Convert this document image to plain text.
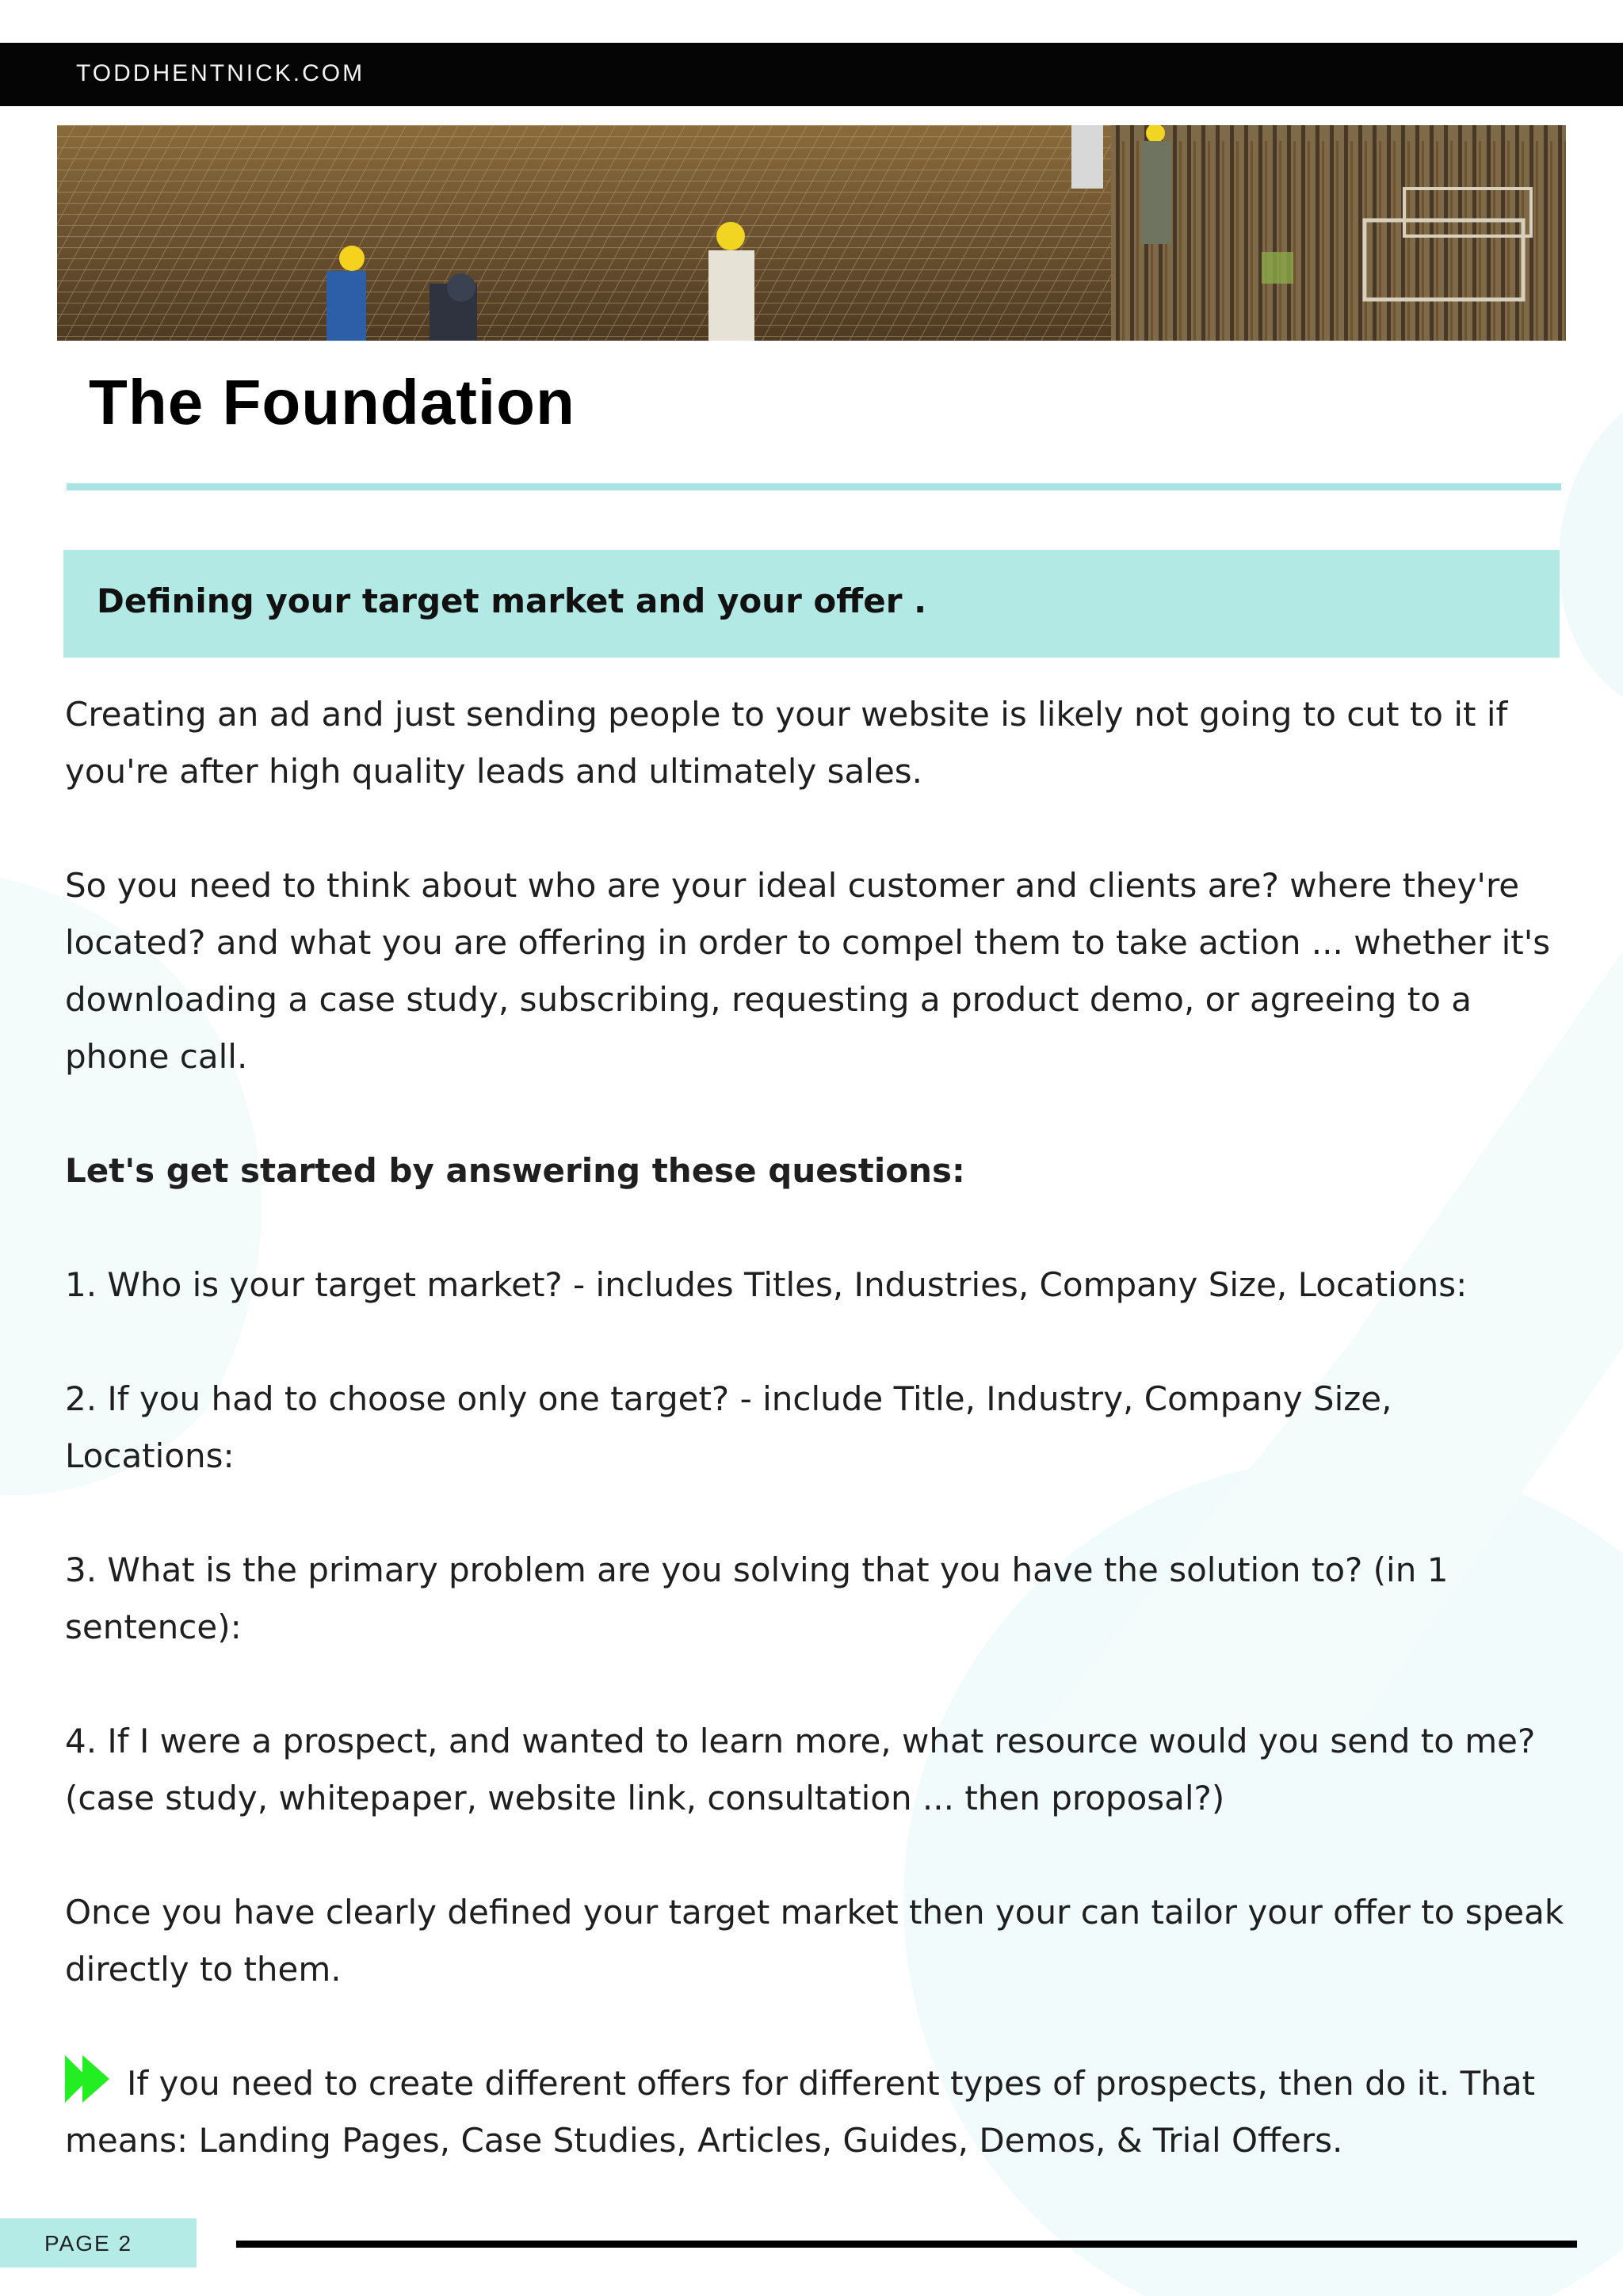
TODDHENTNICK.COM
The Foundation
Defining your target market and your offer .

Creating an ad and just sending people to your website is likely not going to cut to it if you're after high quality leads and ultimately sales.

So you need to think about who are your ideal customer and clients are? where they're located? and what you are offering in order to compel them to take action ... whether it's downloading a case study, subscribing, requesting a product demo, or agreeing to a phone call.

Let's get started by answering these questions:

1. Who is your target market? - includes Titles, Industries, Company Size, Locations:

2. If you had to choose only one target? - include Title, Industry, Company Size, Locations:

3. What is the primary problem are you solving that you have the solution to? (in 1 sentence):

4. If I were a prospect, and wanted to learn more, what resource would you send to me? (case study, whitepaper, website link, consultation ... then proposal?)

Once you have clearly defined your target market then your can tailor your offer to speak directly to them.

If you need to create different offers for different types of prospects, then do it. That means: Landing Pages, Case Studies, Articles, Guides, Demos, & Trial Offers.

PAGE 2
